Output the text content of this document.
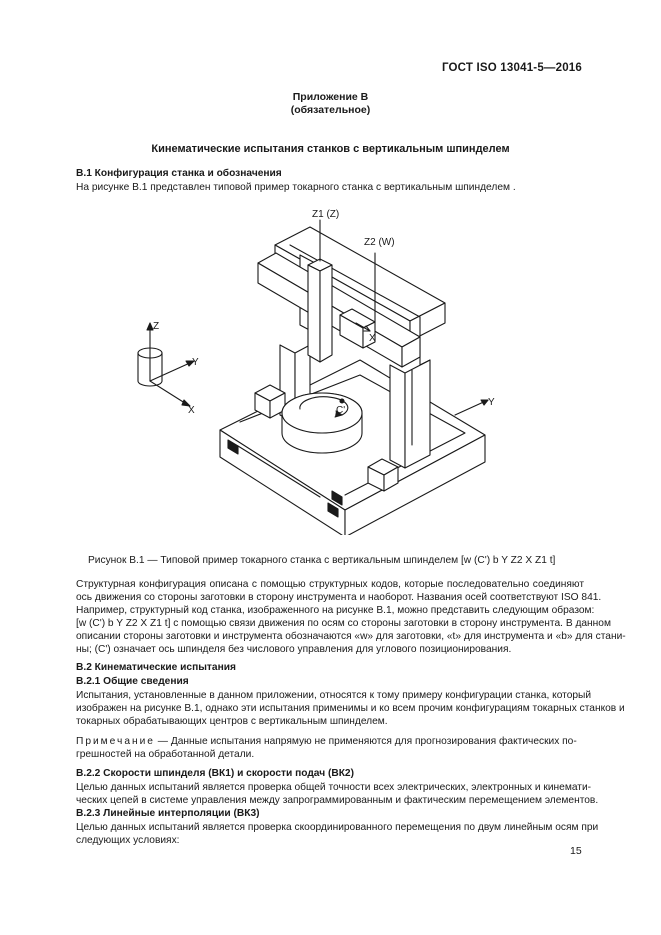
ГОСТ ISO 13041-5—2016
Приложение В
(обязательное)
Кинематические испытания станков с вертикальным шпинделем
В.1 Конфигурация станка и обозначения
На рисунке В.1 представлен типовой пример токарного станка с вертикальным шпинделем .
Z1 (Z)
Z2 (W)
X
Y
C'
Z
Y
X
Рисунок В.1 — Типовой пример токарного станка с вертикальным шпинделем [w (C') b Y Z2 X Z1 t]
Структурная конфигурация описана с помощью структурных кодов, которые последовательно соединяют
ось движения со стороны заготовки в сторону инструмента и наоборот. Названия осей соответствуют ISO 841.
Например, структурный код станка, изображенного на рисунке В.1, можно представить следующим образом:
[w (C') b Y Z2 X Z1 t] с помощью связи движения по осям со стороны заготовки в сторону инструмента. В данном
описании стороны заготовки и инструмента обозначаются «w» для заготовки, «t» для инструмента и «b» для стани-
ны; (C') означает ось шпинделя без числового управления для углового позиционирования.
В.2 Кинематические испытания
В.2.1 Общие сведения
Испытания, установленные в данном приложении, относятся к тому примеру конфигурации станка, который
изображен на рисунке В.1, однако эти испытания применимы и ко всем прочим конфигурациям токарных станков и
токарных обрабатывающих центров с вертикальным шпинделем.
Примечание — Данные испытания напрямую не применяются для прогнозирования фактических по-
грешностей на обработанной детали.
В.2.2 Скорости шпинделя (ВК1) и скорости подач (ВК2)
Целью данных испытаний является проверка общей точности всех электрических, электронных и кинемати-
ческих цепей в системе управления между запрограммированным и фактическим перемещением элементов.
В.2.3 Линейные интерполяции (ВК3)
Целью данных испытаний является проверка скоординированного перемещения по двум линейным осям при
следующих условиях:
15
